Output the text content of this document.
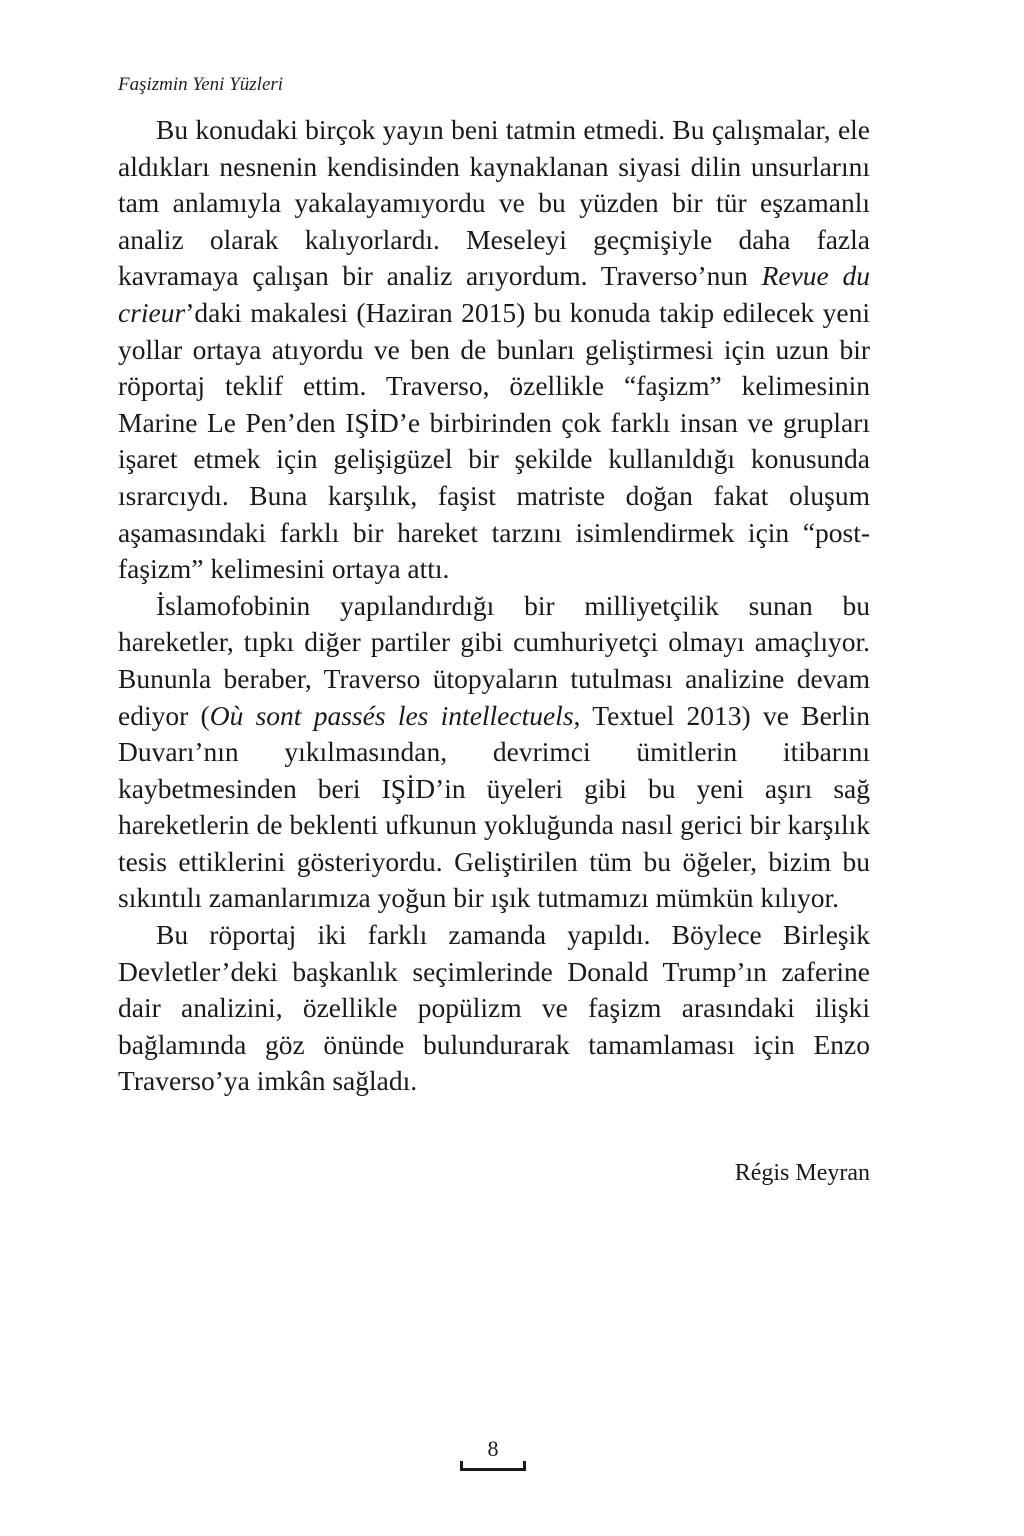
Faşizmin Yeni Yüzleri

Bu konudaki birçok yayın beni tatmin etmedi. Bu çalışmalar, ele aldıkları nesnenin kendisinden kaynaklanan siyasi dilin unsurlarını tam anlamıyla yakalayamıyordu ve bu yüzden bir tür eşzamanlı analiz olarak kalıyorlardı. Meseleyi geçmişiyle daha fazla kavramaya çalışan bir analiz arıyordum. Traverso’nun Revue du crieur’daki makalesi (Haziran 2015) bu konuda takip edilecek yeni yollar ortaya atıyordu ve ben de bunları geliştirmesi için uzun bir röportaj teklif ettim. Traverso, özellikle “faşizm” kelimesinin Marine Le Pen’den IŞİD’e birbirinden çok farklı insan ve grupları işaret etmek için gelişigüzel bir şekilde kullanıldığı konusunda ısrarcıydı. Buna karşılık, faşist matriste doğan fakat oluşum aşamasındaki farklı bir hareket tarzını isimlendirmek için “post-faşizm” kelimesini ortaya attı.

İslamofobinin yapılandırdığı bir milliyetçilik sunan bu hareketler, tıpkı diğer partiler gibi cumhuriyetçi olmayı amaçlıyor. Bununla beraber, Traverso ütopyaların tutulması analizine devam ediyor (Où sont passés les intellectuels, Textuel 2013) ve Berlin Duvarı’nın yıkılmasından, devrimci ümitlerin itibarını kaybetmesinden beri IŞİD’in üyeleri gibi bu yeni aşırı sağ hareketlerin de beklenti ufkunun yokluğunda nasıl gerici bir karşılık tesis ettiklerini gösteriyordu. Geliştirilen tüm bu öğeler, bizim bu sıkıntılı zamanlarımıza yoğun bir ışık tutmamızı mümkün kılıyor.

Bu röportaj iki farklı zamanda yapıldı. Böylece Birleşik Devletler’deki başkanlık seçimlerinde Donald Trump’ın zaferine dair analizini, özellikle popülizm ve faşizm arasındaki ilişki bağlamında göz önünde bulundurarak tamamlaması için Enzo Traverso’ya imkân sağladı.

Régis Meyran
8
